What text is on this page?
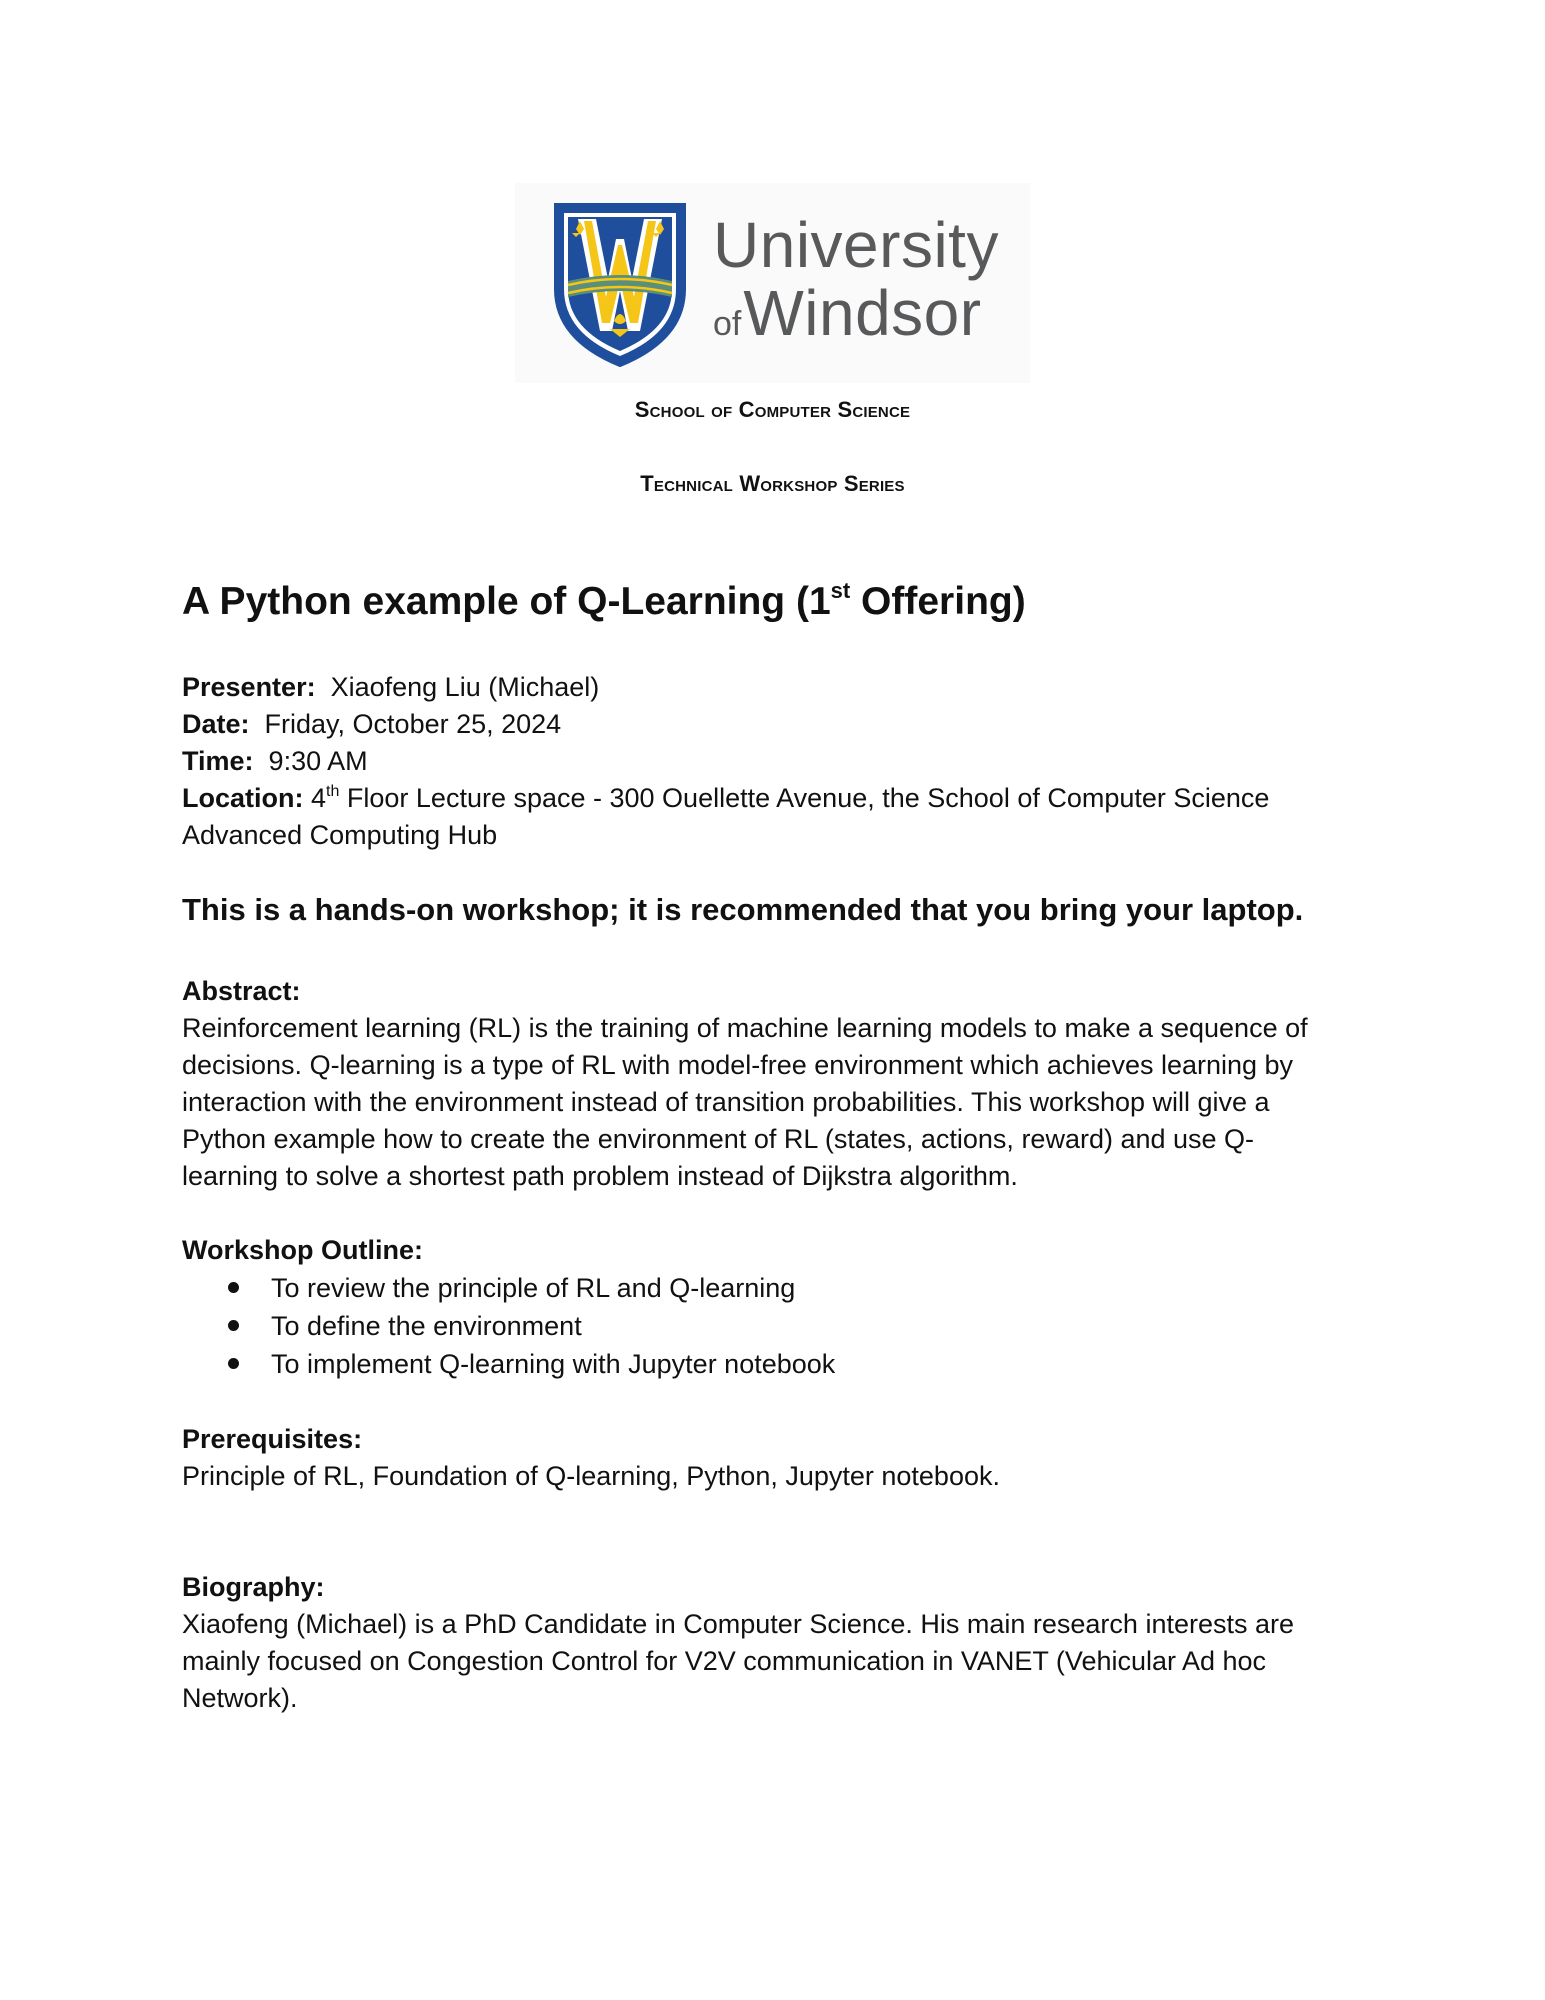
University
ofWindsor
School of Computer Science
Technical Workshop Series
A Python example of Q-Learning (1st Offering)
Presenter: Xiaofeng Liu (Michael)
Date: Friday, October 25, 2024
Time: 9:30 AM
Location: 4th Floor Lecture space - 300 Ouellette Avenue, the School of Computer Science
Advanced Computing Hub
This is a hands-on workshop; it is recommended that you bring your laptop.
Abstract:
Reinforcement learning (RL) is the training of machine learning models to make a sequence of
decisions. Q-learning is a type of RL with model-free environment which achieves learning by
interaction with the environment instead of transition probabilities. This workshop will give a
Python example how to create the environment of RL (states, actions, reward) and use Q-
learning to solve a shortest path problem instead of Dijkstra algorithm.
Workshop Outline:
To review the principle of RL and Q-learning
To define the environment
To implement Q-learning with Jupyter notebook
Prerequisites:
Principle of RL, Foundation of Q-learning, Python, Jupyter notebook.
Biography:
Xiaofeng (Michael) is a PhD Candidate in Computer Science. His main research interests are
mainly focused on Congestion Control for V2V communication in VANET (Vehicular Ad hoc
Network).
